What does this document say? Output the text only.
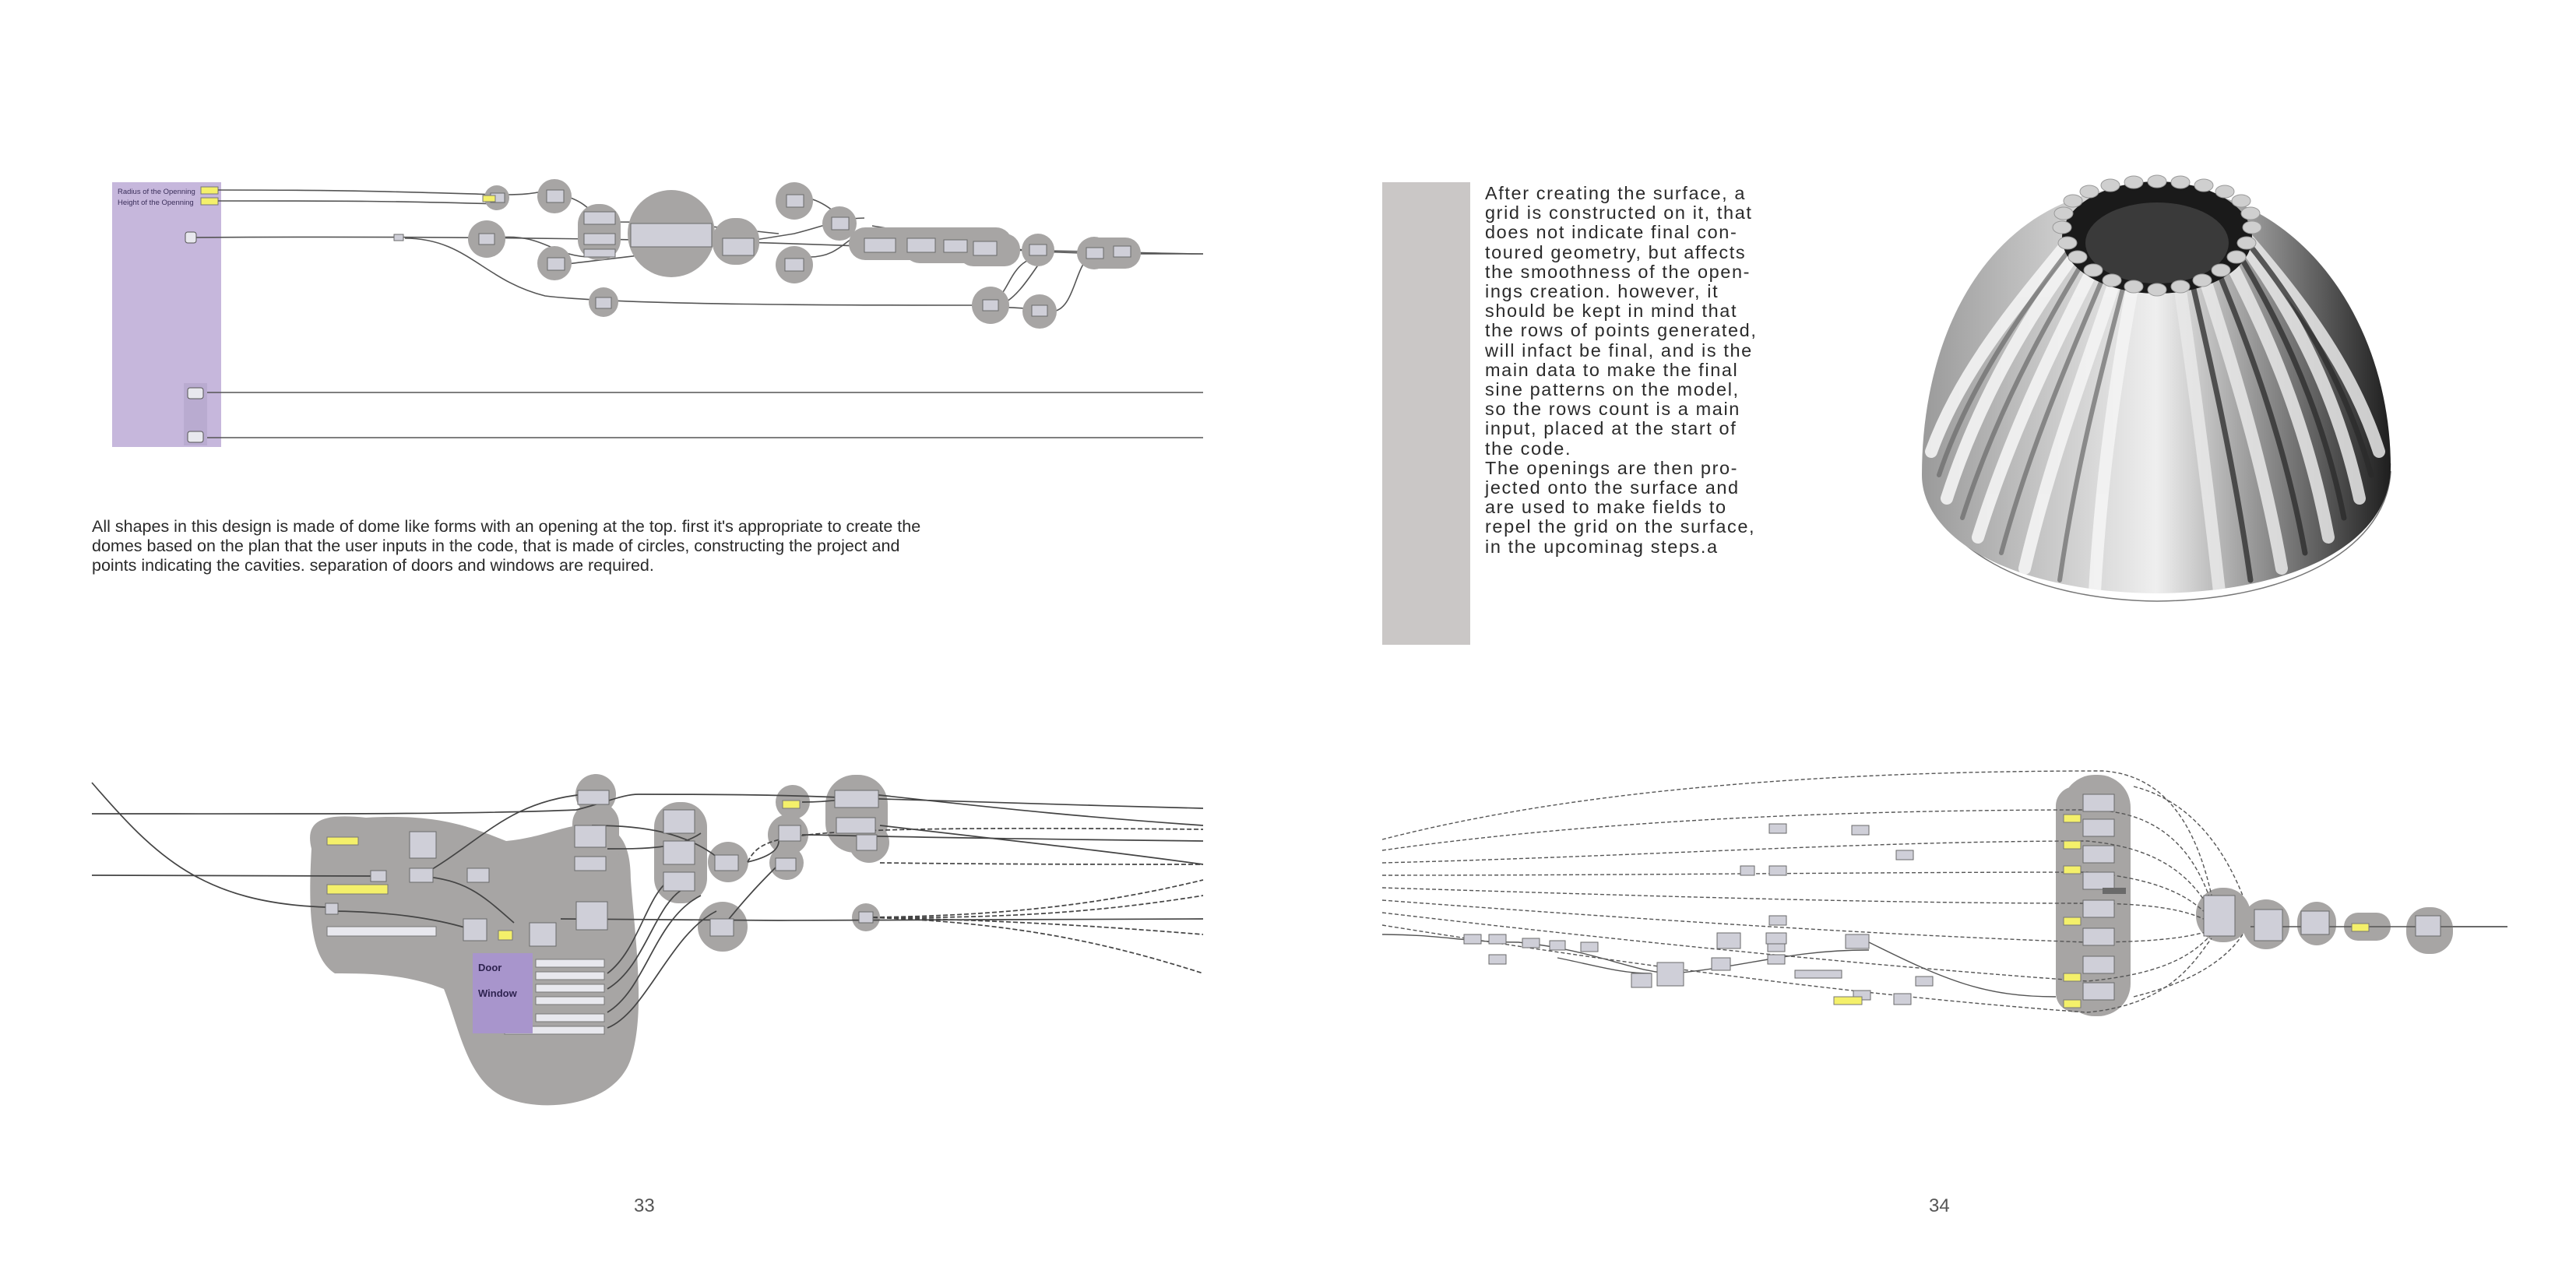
Radius of the Openning
Height of the Openning
All shapes in this design is made of dome like forms with an opening at the top. first it's appropriate to create the domes based on the plan that the user inputs in the code, that is made of circles, constructing the project and points indicating the cavities. separation of doors and windows are required.
Door
Window
33
After creating the surface, a
grid is constructed on it, that
does not indicate final con-
toured geometry, but affects
the smoothness of the open-
ings creation. however, it
should be kept in mind that
the rows of points generated,
will infact be final, and is the
main data to make the final
sine patterns on the model,
so the rows count is a main
input, placed at the start of
the code.
The openings are then pro-
jected onto the surface and
are used to make fields to
repel the grid on the surface,
in the upcominag steps.a
34
